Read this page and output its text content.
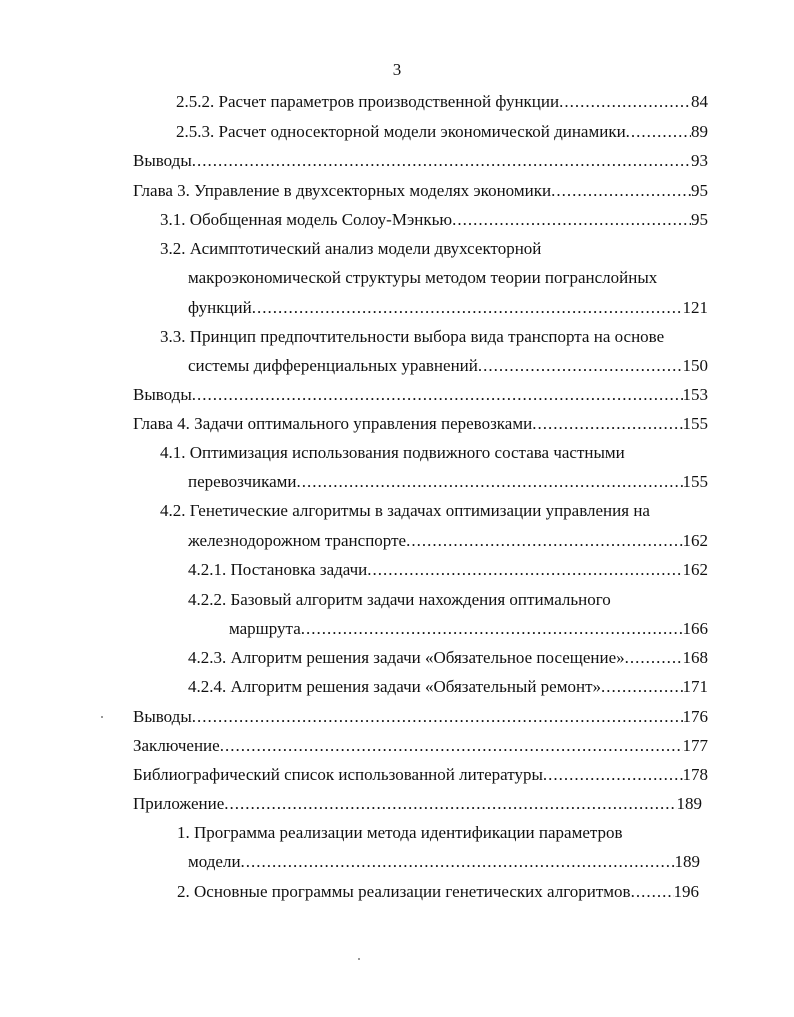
3
2.5.2. Расчет параметров производственной функции .....	84
2.5.3. Расчет односекторной модели экономической динамики .....	89
Выводы .....	93
Глава 3. Управление в двухсекторных моделях экономики .....	95
3.1. Обобщенная модель Солоу-Мэнкью .....	95
3.2. Асимптотический анализ модели двухсекторной
макроэкономической структуры методом теории погранслойных
функций .....	121
3.3. Принцип предпочтительности выбора вида транспорта на основе
системы дифференциальных уравнений .....	150
Выводы .....	153
Глава 4. Задачи оптимального управления перевозками .....	155
4.1. Оптимизация использования подвижного состава частными
перевозчиками .....	155
4.2. Генетические алгоритмы в задачах оптимизации управления на
железнодорожном транспорте .....	162
4.2.1. Постановка задачи .....	162
4.2.2. Базовый алгоритм задачи нахождения оптимального
маршрута .....	166
4.2.3. Алгоритм решения задачи «Обязательное посещение» .....	168
4.2.4. Алгоритм решения задачи «Обязательный ремонт» .....	171
Выводы .....	176
Заключение .....	177
Библиографический список использованной литературы .....	178
Приложение .....	189
1. Программа реализации метода идентификации параметров
модели .....	189
2. Основные программы реализации генетических алгоритмов .....	196
